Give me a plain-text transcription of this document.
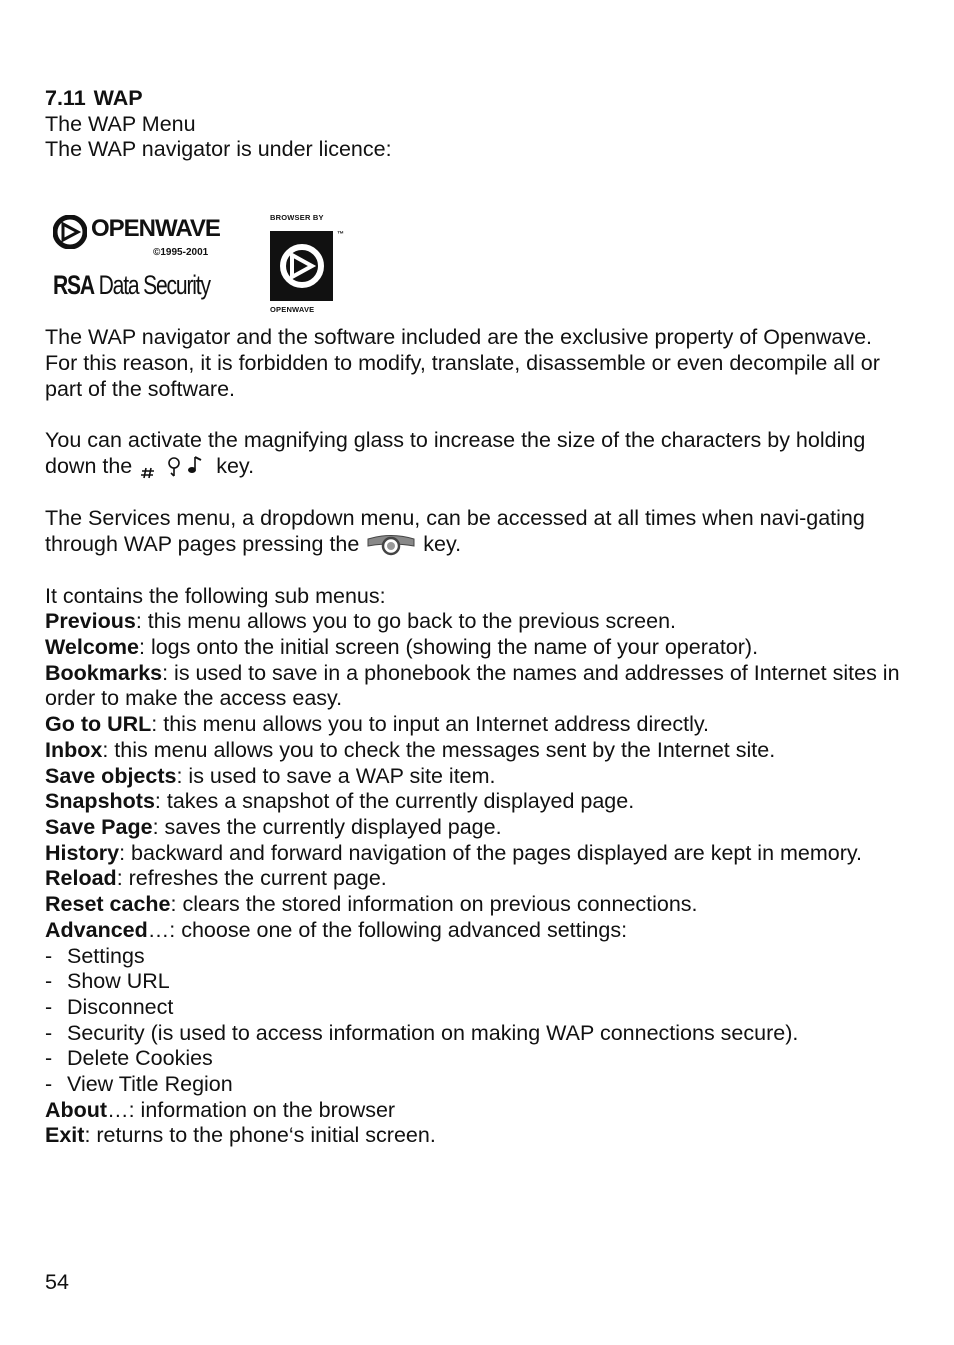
7.11 WAP
The WAP Menu
The WAP navigator is under licence:
OPENWAVE
©1995-2001
RSA Data Security
BROWSER BY
™
OPENWAVE

The WAP navigator and the software included are the exclusive property of Openwave. For this reason, it is forbidden to modify, translate, disassemble or even decompile all or part of the software.

You can activate the magnifying glass to increase the size of the characters by holding down the	key.

The Services menu, a dropdown menu, can be accessed at all times when navi-gating through WAP pages pressing the  key.

It contains the following sub menus:

Previous: this menu allows you to go back to the previous screen.

Welcome: logs onto the initial screen (showing the name of your operator).

Bookmarks: is used to save in a phonebook the names and addresses of Internet sites in order to make the access easy.

Go to URL: this menu allows you to input an Internet address directly.

Inbox: this menu allows you to check the messages sent by the Internet site.

Save objects: is used to save a WAP site item.

Snapshots: takes a snapshot of the currently displayed page.

Save Page: saves the currently displayed page.

History: backward and forward navigation of the pages displayed are kept in memory.

Reload: refreshes the current page.

Reset cache: clears the stored information on previous connections.

Advanced…: choose one of the following advanced settings:

- Settings
- Show URL
- Disconnect
- Security (is used to access information on making WAP connections secure).
- Delete Cookies
- View Title Region

About…: information on the browser

Exit: returns to the phone‘s initial screen.

54
